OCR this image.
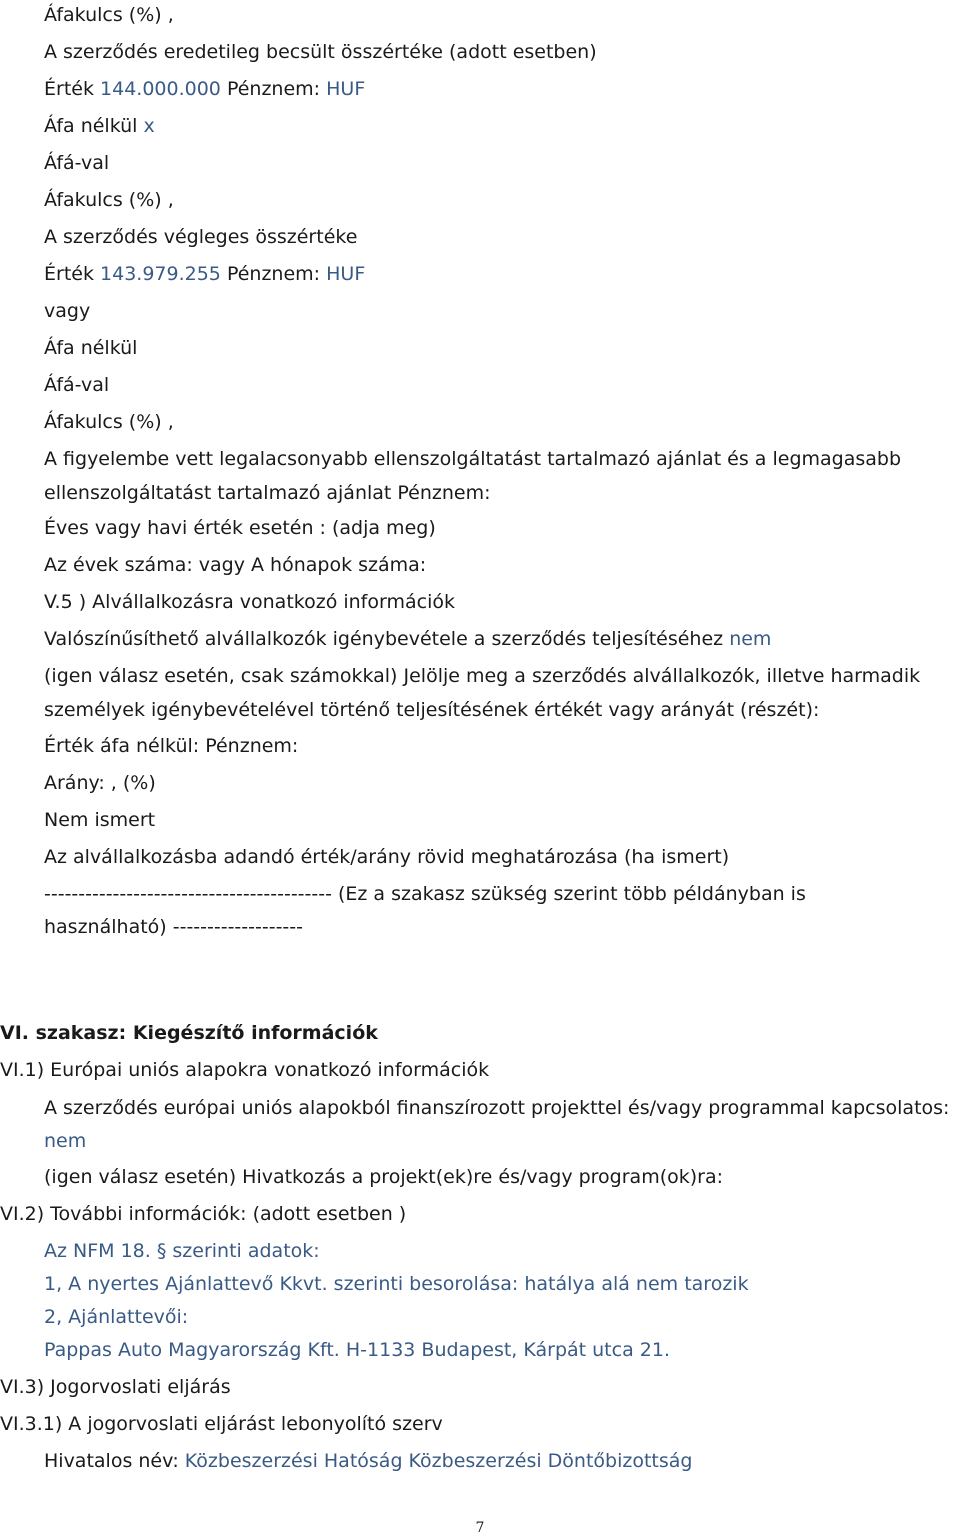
Áfakulcs (%) ,
A szerződés eredetileg becsült összértéke (adott esetben)
Érték 144.000.000 Pénznem: HUF
Áfa nélkül x
Áfá-val
Áfakulcs (%) ,
A szerződés végleges összértéke
Érték 143.979.255 Pénznem: HUF
vagy
Áfa nélkül
Áfá-val
Áfakulcs (%) ,
A figyelembe vett legalacsonyabb ellenszolgáltatást tartalmazó ajánlat és a legmagasabb
ellenszolgáltatást tartalmazó ajánlat Pénznem:
Éves vagy havi érték esetén : (adja meg)
Az évek száma: vagy A hónapok száma:
V.5 ) Alvállalkozásra vonatkozó információk
Valószínűsíthető alvállalkozók igénybevétele a szerződés teljesítéséhez nem
(igen válasz esetén, csak számokkal) Jelölje meg a szerződés alvállalkozók, illetve harmadik
személyek igénybevételével történő teljesítésének értékét vagy arányát (részét):
Érték áfa nélkül: Pénznem:
Arány: , (%)
Nem ismert
Az alvállalkozásba adandó érték/arány rövid meghatározása (ha ismert)
------------------------------------------ (Ez a szakasz szükség szerint több példányban is
használható) -------------------
VI. szakasz: Kiegészítő információk
VI.1) Európai uniós alapokra vonatkozó információk
A szerződés európai uniós alapokból finanszírozott projekttel és/vagy programmal kapcsolatos:
nem
(igen válasz esetén) Hivatkozás a projekt(ek)re és/vagy program(ok)ra:
VI.2) További információk: (adott esetben )
Az NFM 18. § szerinti adatok:
1, A nyertes Ajánlattevő Kkvt. szerinti besorolása: hatálya alá nem tarozik
2, Ajánlattevői:
Pappas Auto Magyarország Kft. H-1133 Budapest, Kárpát utca 21.
VI.3) Jogorvoslati eljárás
VI.3.1) A jogorvoslati eljárást lebonyolító szerv
Hivatalos név: Közbeszerzési Hatóság Közbeszerzési Döntőbizottság
7
